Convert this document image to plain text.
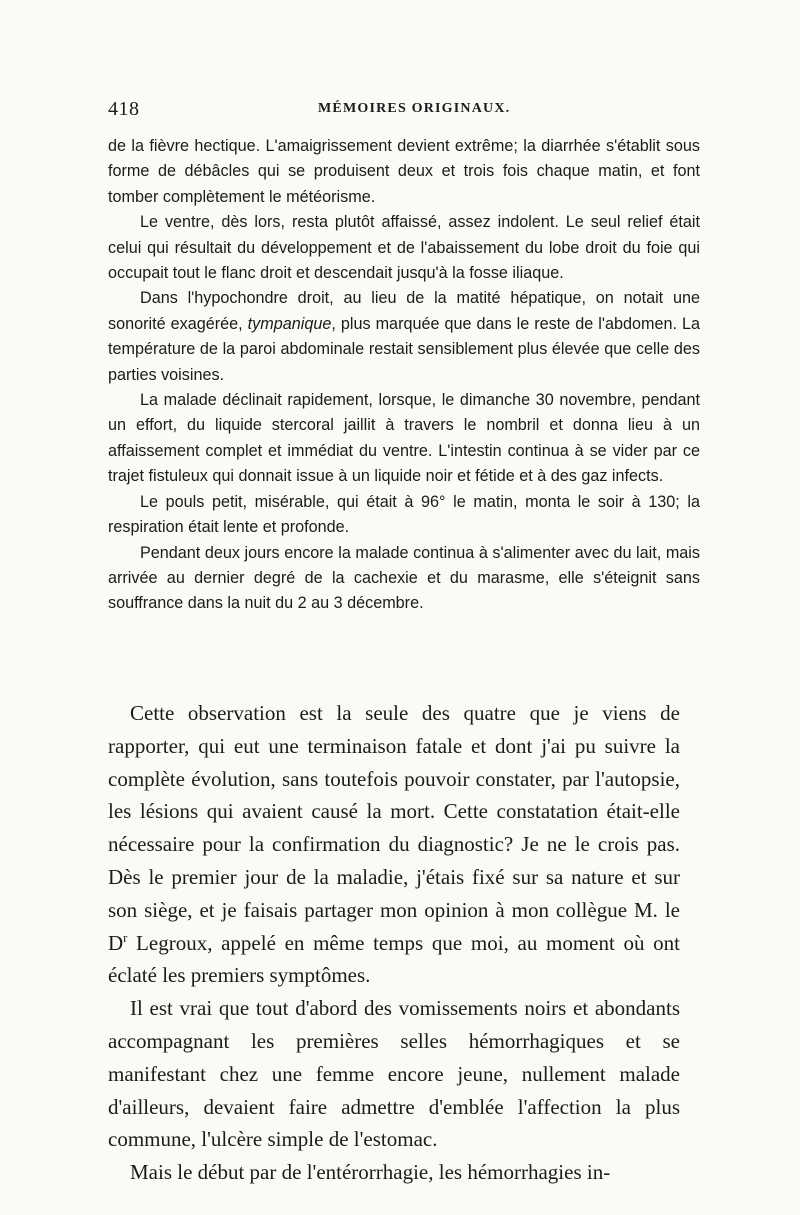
418	MÉMOIRES ORIGINAUX.

de la fièvre hectique. L'amaigrissement devient extrême; la diarrhée s'établit sous forme de débâcles qui se produisent deux et trois fois chaque matin, et font tomber complètement le météorisme.

Le ventre, dès lors, resta plutôt affaissé, assez indolent. Le seul relief était celui qui résultait du développement et de l'abaissement du lobe droit du foie qui occupait tout le flanc droit et descendait jusqu'à la fosse iliaque.

Dans l'hypochondre droit, au lieu de la matité hépatique, on notait une sonorité exagérée, tympanique, plus marquée que dans le reste de l'abdomen. La température de la paroi abdominale restait sensiblement plus élevée que celle des parties voisines.

La malade déclinait rapidement, lorsque, le dimanche 30 novembre, pendant un effort, du liquide stercoral jaillit à travers le nombril et donna lieu à un affaissement complet et immédiat du ventre. L'intestin continua à se vider par ce trajet fistuleux qui donnait issue à un liquide noir et fétide et à des gaz infects.

Le pouls petit, misérable, qui était à 96° le matin, monta le soir à 130; la respiration était lente et profonde.

Pendant deux jours encore la malade continua à s'alimenter avec du lait, mais arrivée au dernier degré de la cachexie et du marasme, elle s'éteignit sans souffrance dans la nuit du 2 au 3 décembre.

Cette observation est la seule des quatre que je viens de rapporter, qui eut une terminaison fatale et dont j'ai pu suivre la complète évolution, sans toutefois pouvoir constater, par l'autopsie, les lésions qui avaient causé la mort. Cette constatation était-elle nécessaire pour la confirmation du diagnostic? Je ne le crois pas. Dès le premier jour de la maladie, j'étais fixé sur sa nature et sur son siège, et je faisais partager mon opinion à mon collègue M. le $D^r$ Legroux, appelé en même temps que moi, au moment où ont éclaté les premiers symptômes.

Il est vrai que tout d'abord des vomissements noirs et abondants accompagnant les premières selles hémorrhagiques et se manifestant chez une femme encore jeune, nullement malade d'ailleurs, devaient faire admettre d'emblée l'affection la plus commune, l'ulcère simple de l'estomac.

Mais le début par de l'entérorrhagie, les hémorrhagies in-
